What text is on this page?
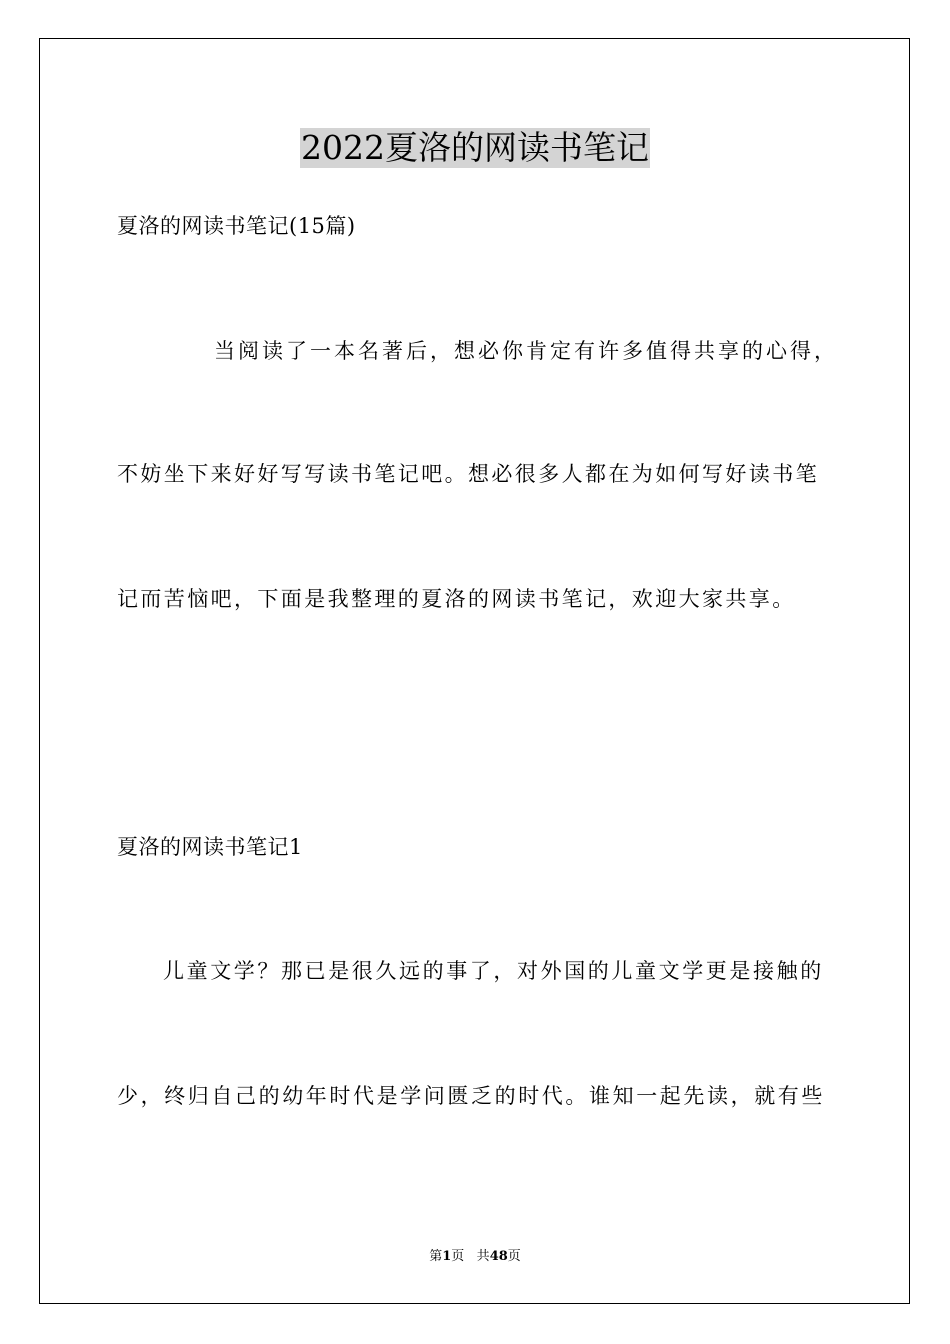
2022夏洛的网读书笔记
夏洛的网读书笔记(15篇)
当阅读了一本名著后，想必你肯定有许多值得共享的心得，
不妨坐下来好好写写读书笔记吧。想必很多人都在为如何写好读书笔
记而苦恼吧，下面是我整理的夏洛的网读书笔记，欢迎大家共享。
夏洛的网读书笔记1
儿童文学？那已是很久远的事了，对外国的儿童文学更是接触的
少，终归自己的幼年时代是学问匮乏的时代。谁知一起先读，就有些
第1页 共48页
